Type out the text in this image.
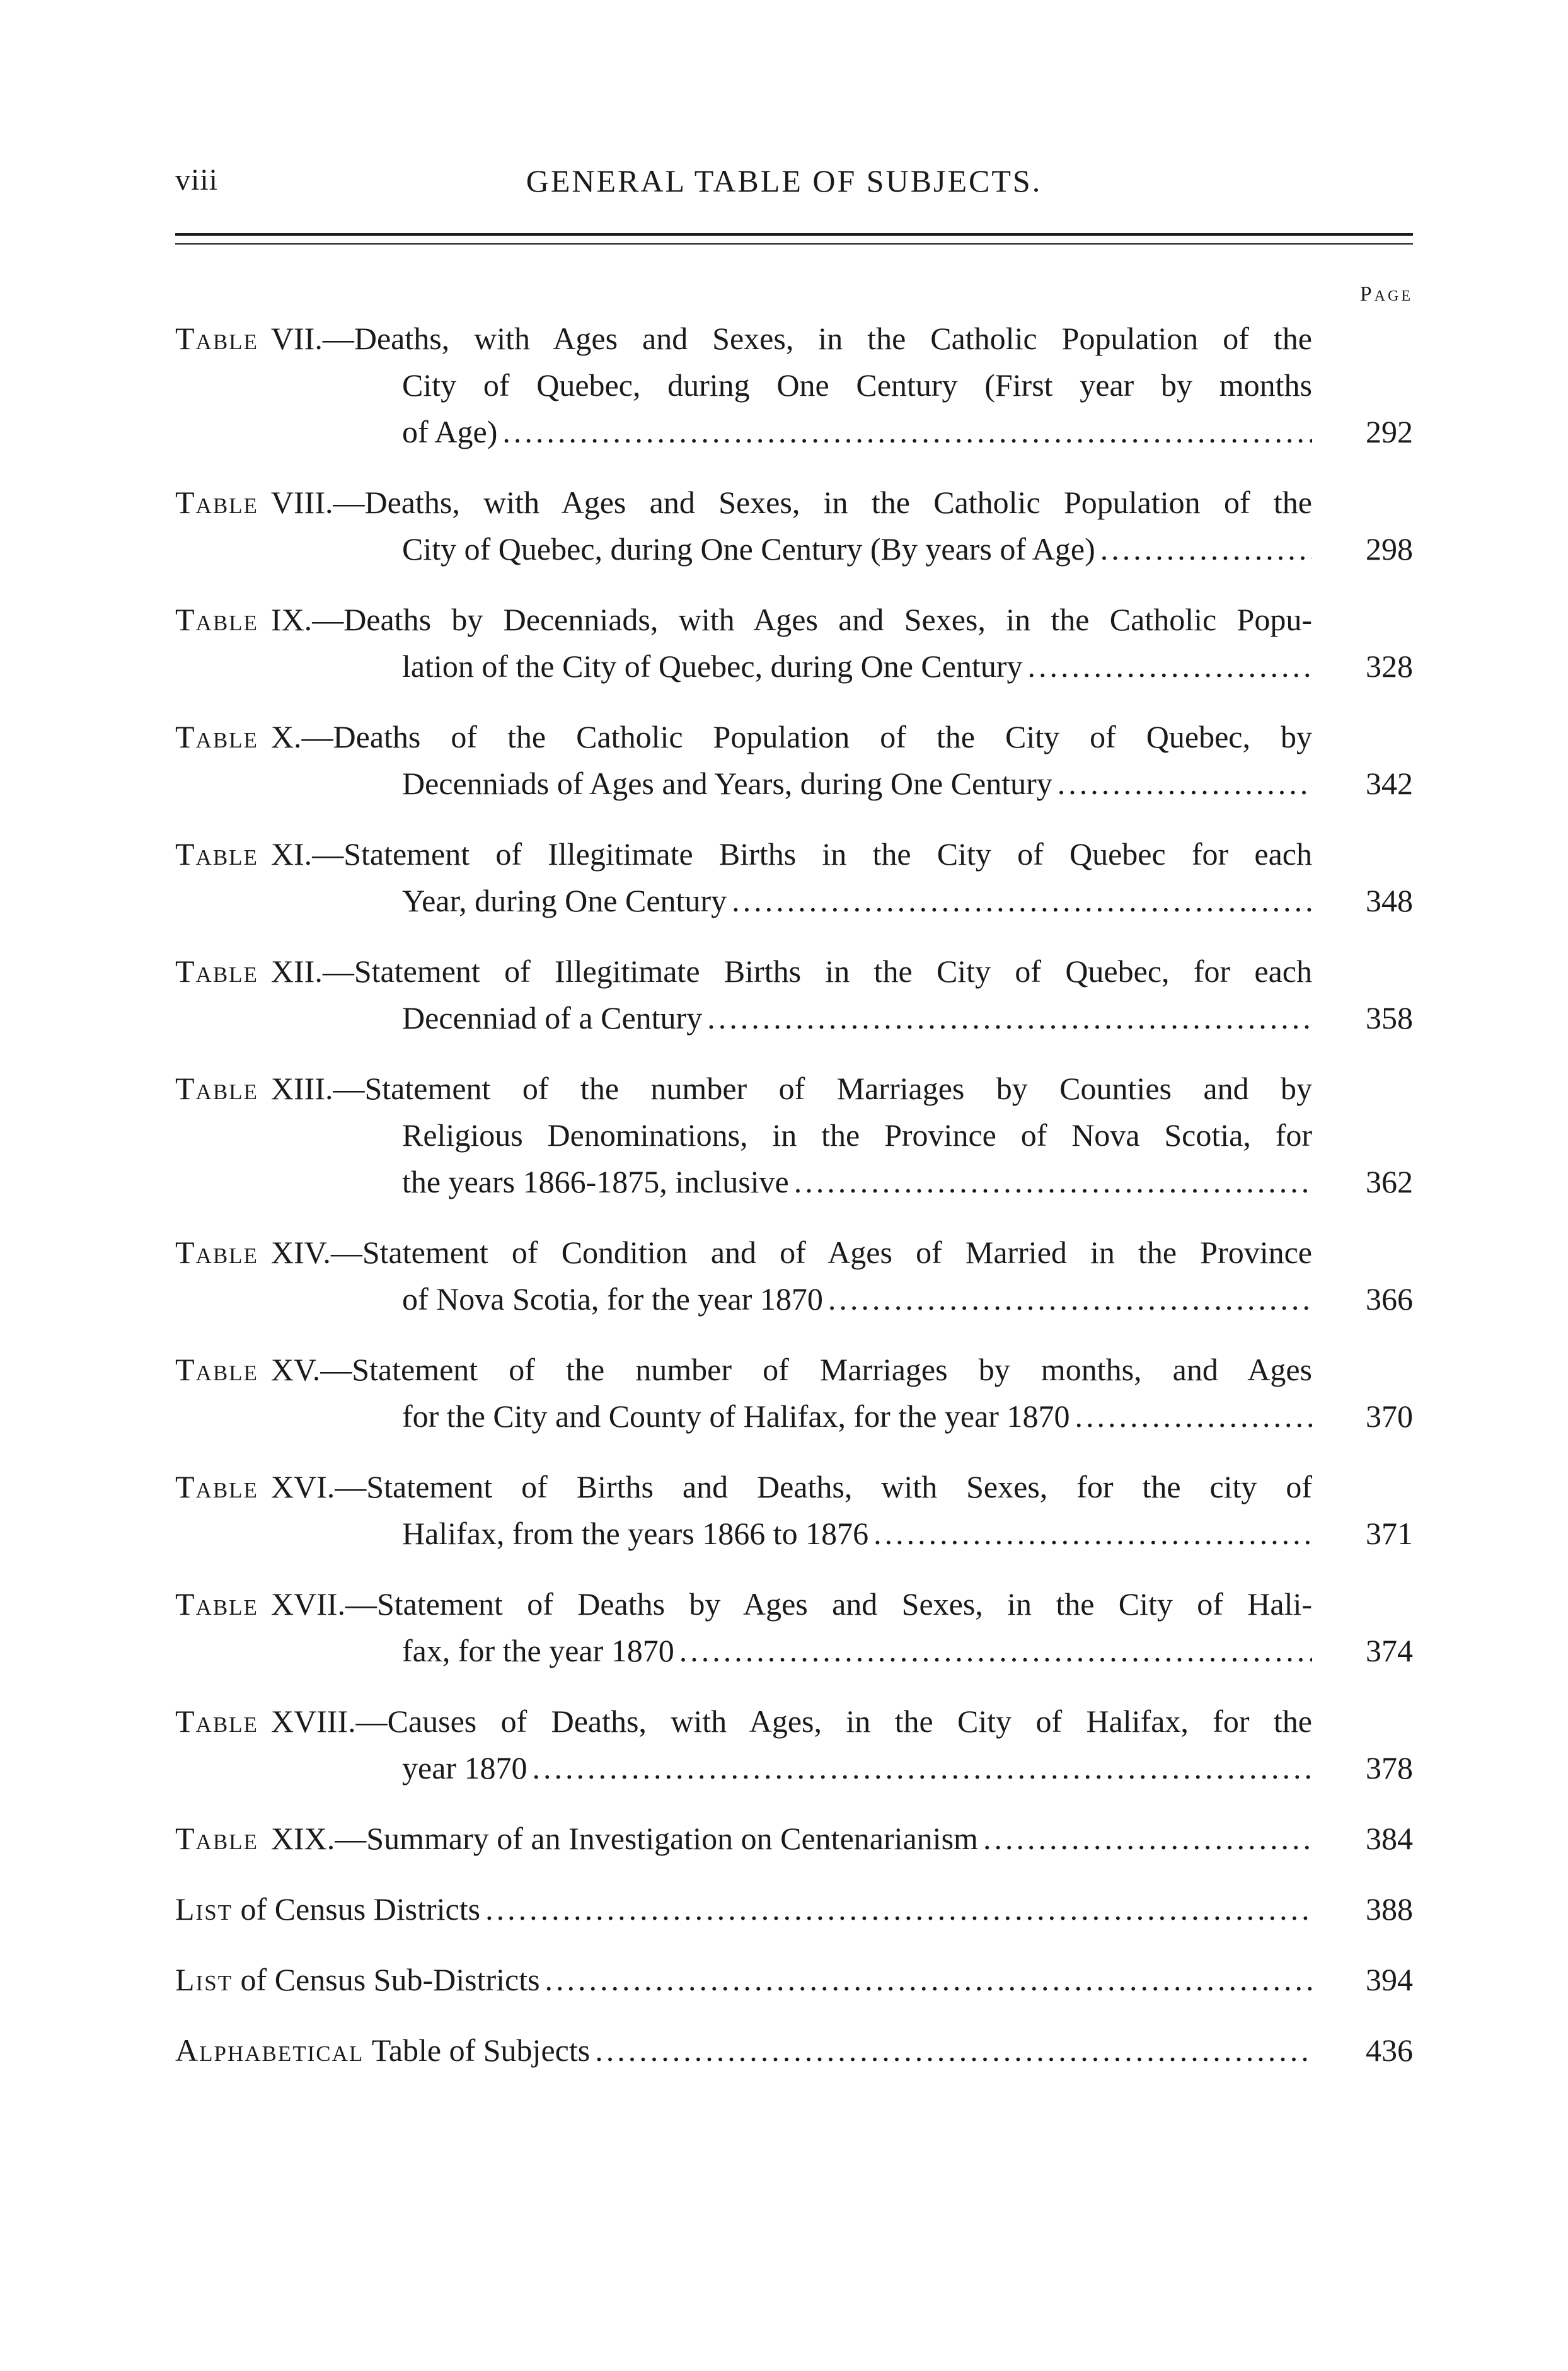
viii	GENERAL TABLE OF SUBJECTS.
Page
Table VII. —Deaths, with Ages and Sexes, in the Catholic Population of the
City of Quebec, during One Century (First year by months
of Age) .....	292
Table VIII. —Deaths, with Ages and Sexes, in the Catholic Population of the
City of Quebec, during One Century (By years of Age) .....	298
Table IX. —Deaths by Decenniads, with Ages and Sexes, in the Catholic Popu-
lation of the City of Quebec, during One Century .....	328
Table X. —Deaths of the Catholic Population of the City of Quebec, by
Decenniads of Ages and Years, during One Century .....	342
Table XI. —Statement of Illegitimate Births in the City of Quebec for each
Year, during One Century .....	348
Table XII. —Statement of Illegitimate Births in the City of Quebec, for each
Decenniad of a Century .....	358
Table XIII. —Statement of the number of Marriages by Counties and by
Religious Denominations, in the Province of Nova Scotia, for
the years 1866-1875, inclusive .....	362
Table XIV. —Statement of Condition and of Ages of Married in the Province
of Nova Scotia, for the year 1870 .....	366
Table XV. —Statement of the number of Marriages by months, and Ages
for the City and County of Halifax, for the year 1870 .....	370
Table XVI. —Statement of Births and Deaths, with Sexes, for the city of
Halifax, from the years 1866 to 1876 .....	371
Table XVII. —Statement of Deaths by Ages and Sexes, in the City of Hali-
fax, for the year 1870 .....	374
Table XVIII. —Causes of Deaths, with Ages, in the City of Halifax, for the
year 1870 .....	378
Table XIX. —Summary of an Investigation on Centenarianism .....	384
List
of Census Districts .....	388
List
of Census Sub-Districts .....	394
Alphabetical
Table of Subjects .....	436
